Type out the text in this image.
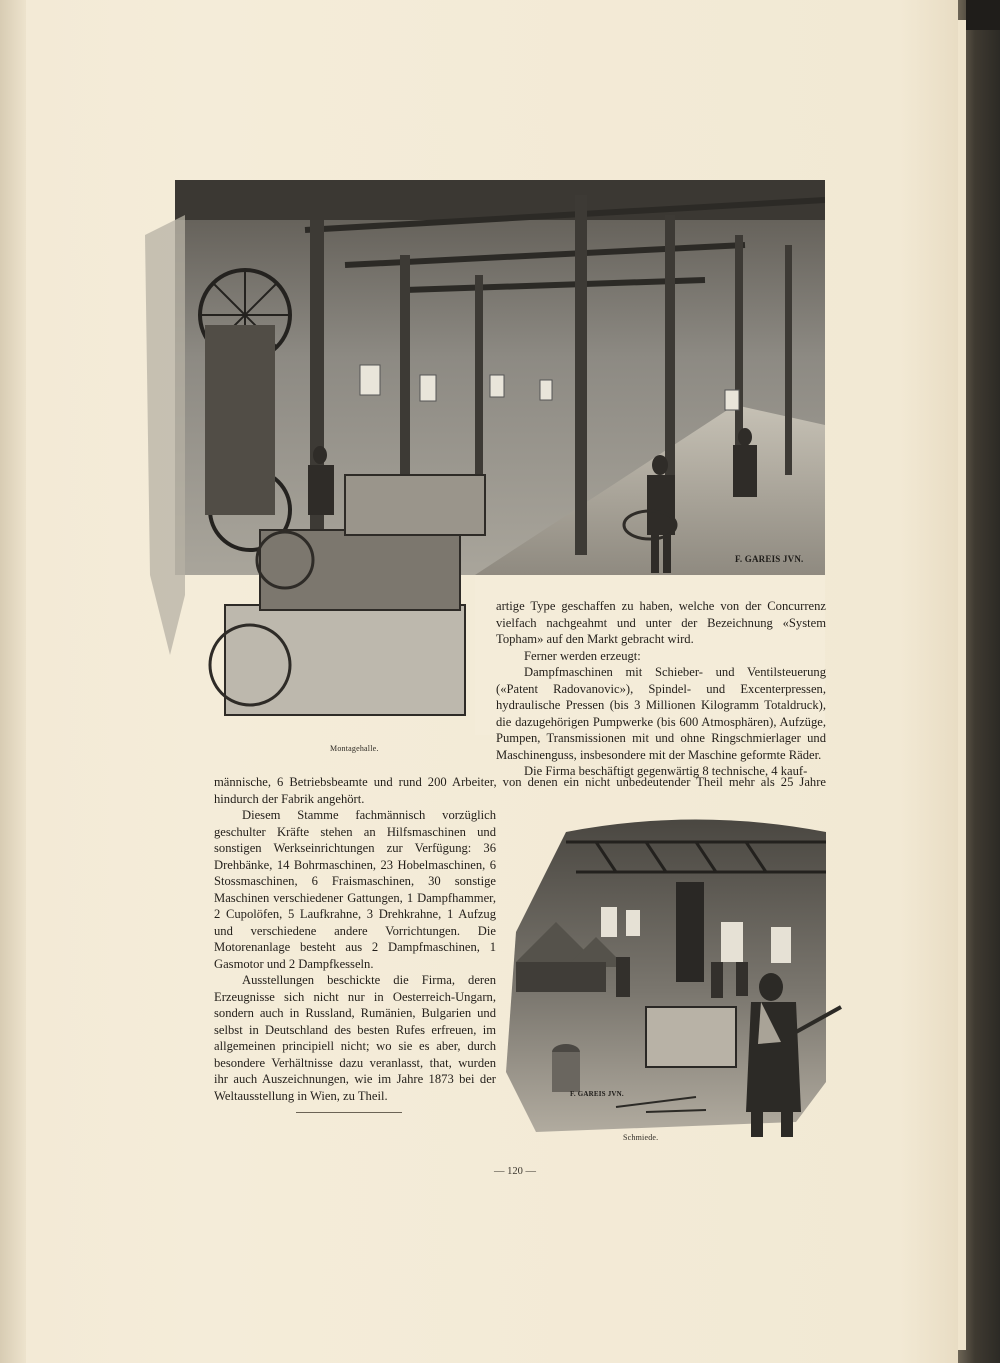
F. GAREIS JVN.
Montagehalle.

artige Type geschaffen zu haben, welche von der Concurrenz vielfach nachgeahmt und unter der Bezeichnung «System Topham» auf den Markt gebracht wird.

Ferner werden erzeugt:

Dampfmaschinen mit Schieber- und Ventilsteuerung («Patent Radovanovic»), Spindel- und Excenterpressen, hydraulische Pressen (bis 3 Millionen Kilogramm Totaldruck), die dazugehörigen Pumpwerke (bis 600 Atmosphären), Aufzüge, Pumpen, Transmissionen mit und ohne Ringschmierlager und Maschinenguss, insbesondere mit der Maschine geformte Räder.

Die Firma beschäftigt gegenwärtig 8 technische, 4 kauf-

männische, 6 Betriebsbeamte und rund 200 Arbeiter, von denen ein nicht unbedeutender Theil mehr als 25 Jahre hindurch der Fabrik angehört.

Diesem Stamme fachmännisch vorzüglich geschulter Kräfte stehen an Hilfsmaschinen und sonstigen Werkseinrichtungen zur Verfügung: 36 Drehbänke, 14 Bohrmaschinen, 23 Hobelmaschinen, 6 Stossmaschinen, 6 Fraismaschinen, 30 sonstige Maschinen verschiedener Gattungen, 1 Dampfhammer, 2 Cupolöfen, 5 Laufkrahne, 3 Drehkrahne, 1 Aufzug und verschiedene andere Vorrichtungen. Die Motorenanlage besteht aus 2 Dampfmaschinen, 1 Gasmotor und 2 Dampfkesseln.

Ausstellungen beschickte die Firma, deren Erzeugnisse sich nicht nur in Oesterreich-Ungarn, sondern auch in Russland, Rumänien, Bulgarien und selbst in Deutschland des besten Rufes erfreuen, im allgemeinen principiell nicht; wo sie es aber, durch besondere Verhältnisse dazu veranlasst, that, wurden ihr auch Auszeichnungen, wie im Jahre 1873 bei der Weltausstellung in Wien, zu Theil.	F. GAREIS JVN.
Schmiede.
— 120 —
